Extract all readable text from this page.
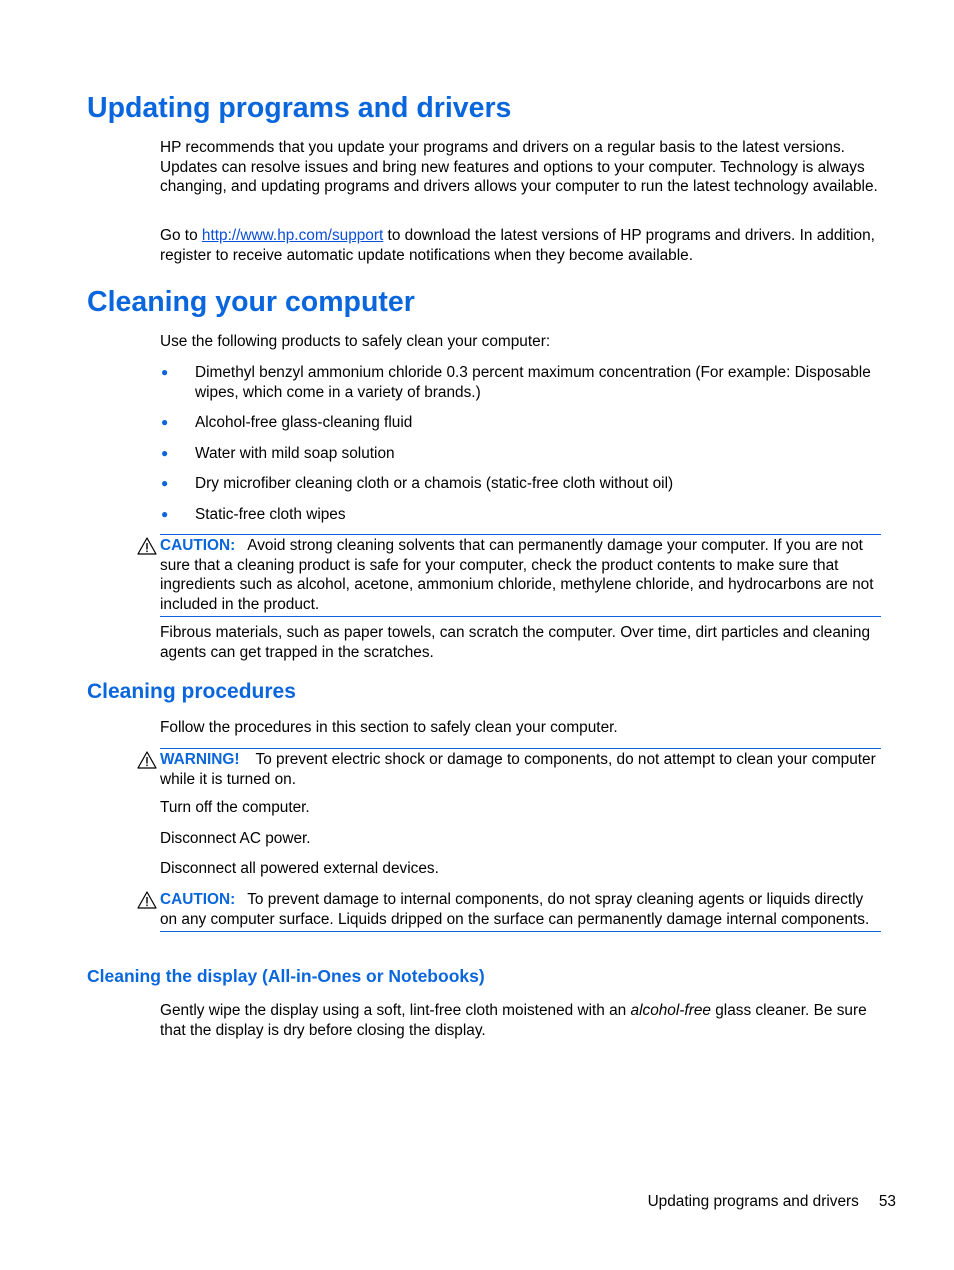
Updating programs and drivers

HP recommends that you update your programs and drivers on a regular basis to the latest versions. Updates can resolve issues and bring new features and options to your computer. Technology is always changing, and updating programs and drivers allows your computer to run the latest technology available.

Go to http://www.hp.com/support to download the latest versions of HP programs and drivers. In addition, register to receive automatic update notifications when they become available.

Cleaning your computer

Use the following products to safely clean your computer:

● Dimethyl benzyl ammonium chloride 0.3 percent maximum concentration (For example: Disposable wipes, which come in a variety of brands.)
● Alcohol-free glass-cleaning fluid
● Water with mild soap solution
● Dry microfiber cleaning cloth or a chamois (static-free cloth without oil)
● Static-free cloth wipes
CAUTION: Avoid strong cleaning solvents that can permanently damage your computer. If you are not sure that a cleaning product is safe for your computer, check the product contents to make sure that ingredients such as alcohol, acetone, ammonium chloride, methylene chloride, and hydrocarbons are not included in the product.

Fibrous materials, such as paper towels, can scratch the computer. Over time, dirt particles and cleaning agents can get trapped in the scratches.

Cleaning procedures

Follow the procedures in this section to safely clean your computer.

WARNING! To prevent electric shock or damage to components, do not attempt to clean your computer while it is turned on.

Turn off the computer.

Disconnect AC power.

Disconnect all powered external devices.

CAUTION: To prevent damage to internal components, do not spray cleaning agents or liquids directly on any computer surface. Liquids dripped on the surface can permanently damage internal components.
Cleaning the display (All-in-Ones or Notebooks)

Gently wipe the display using a soft, lint-free cloth moistened with an alcohol-free glass cleaner. Be sure that the display is dry before closing the display.

Updating programs and drivers 53
